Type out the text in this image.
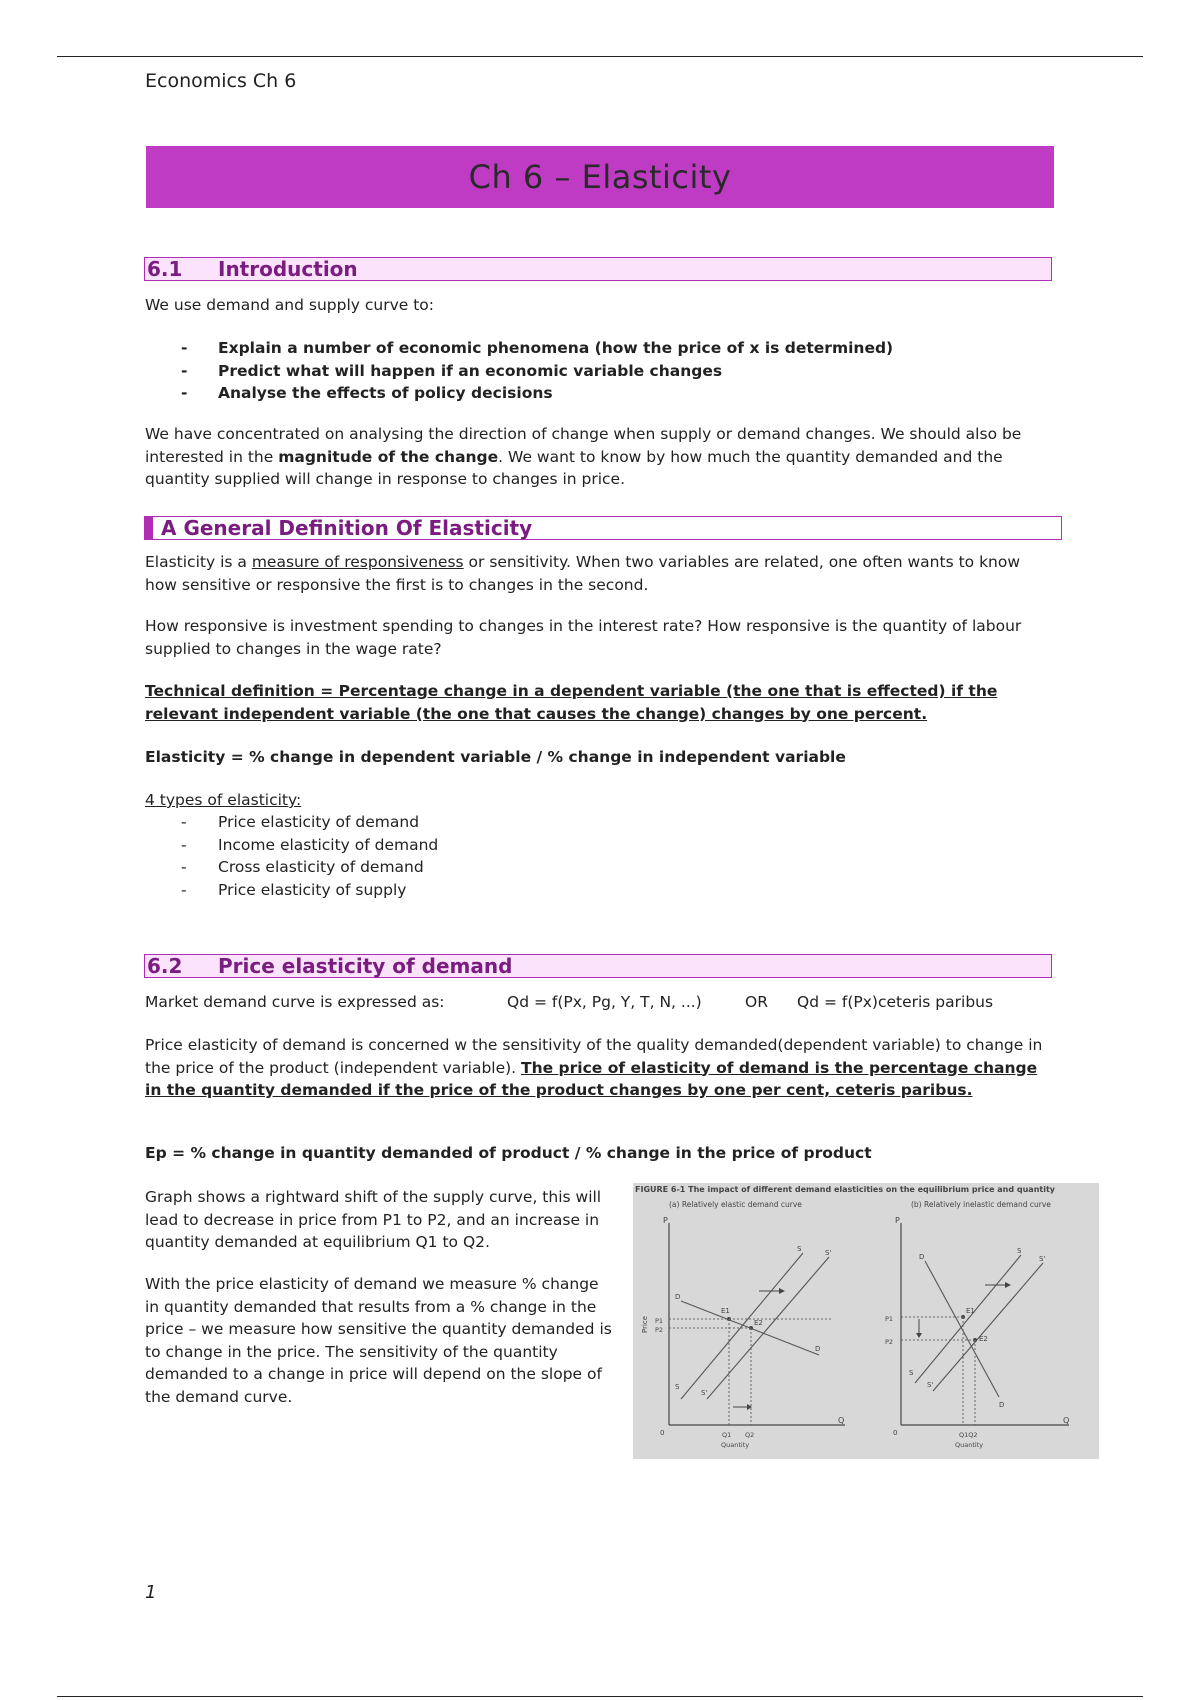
Economics Ch 6
Ch 6 – Elasticity
6.1 Introduction

We use demand and supply curve to:

- Explain a number of economic phenomena (how the price of x is determined)
- Predict what will happen if an economic variable changes
- Analyse the effects of policy decisions

We have concentrated on analysing the direction of change when supply or demand changes. We should also be interested in the magnitude of the change. We want to know by how much the quantity demanded and the quantity supplied will change in response to changes in price.

A General Definition Of Elasticity

Elasticity is a measure of responsiveness or sensitivity. When two variables are related, one often wants to know how sensitive or responsive the first is to changes in the second.

How responsive is investment spending to changes in the interest rate? How responsive is the quantity of labour supplied to changes in the wage rate?

Technical definition = Percentage change in a dependent variable (the one that is effected) if the relevant independent variable (the one that causes the change) changes by one percent.

Elasticity = % change in dependent variable / % change in independent variable

4 types of elasticity:

- Price elasticity of demand
- Income elasticity of demand
- Cross elasticity of demand
- Price elasticity of supply
6.2 Price elasticity of demand
Market demand curve is expressed as:	Qd = f(Px, Pg, Y, T, N, ...)	OR Qd = f(Px)ceteris paribus

Price elasticity of demand is concerned w the sensitivity of the quality demanded(dependent variable) to change in the price of the product (independent variable). The price of elasticity of demand is the percentage change in the quantity demanded if the price of the product changes by one per cent, ceteris paribus.

Ep = % change in quantity demanded of product / % change in the price of product

Graph shows a rightward shift of the supply curve, this will lead to decrease in price from P1 to P2, and an increase in quantity demanded at equilibrium Q1 to Q2.

With the price elasticity of demand we measure % change in quantity demanded that results from a % change in the price – we measure how sensitive the quantity demanded is to change in the price. The sensitivity of the quantity demanded to a change in price will depend on the slope of the demand curve.

FIGURE 6-1 The impact of different demand elasticities on the equilibrium price and quantity
(a) Relatively elastic demand curve	(b) Relatively inelastic demand curve
P
Q
0
Price
S
S'
S	S'
D
D
E1
E2
P1
P2
Q1 Q2
Quantity
P
Q
0
S
S'
S
S'
D
D
E1
E2
P1
P2
Q1Q2
Quantity
1
